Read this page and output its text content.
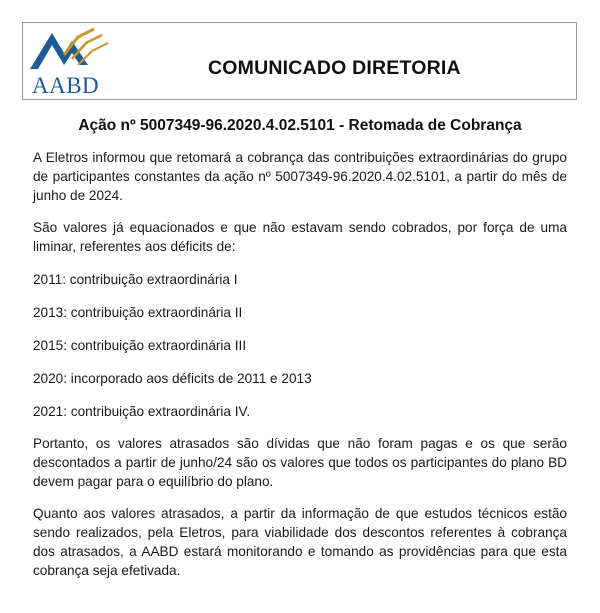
AABD
COMUNICADO DIRETORIA
Ação nº 5007349-96.2020.4.02.5101 - Retomada de Cobrança

A Eletros informou que retomará a cobrança das contribuições extraordinárias do grupo de participantes constantes da ação nº 5007349-96.2020.4.02.5101, a partir do mês de junho de 2024.

São valores já equacionados e que não estavam sendo cobrados, por força de uma liminar, referentes aos déficits de:

2011: contribuição extraordinária I

2013: contribuição extraordinária II

2015: contribuição extraordinária III

2020: incorporado aos déficits de 2011 e 2013

2021: contribuição extraordinária IV.

Portanto, os valores atrasados são dívidas que não foram pagas e os que serão descontados a partir de junho/24 são os valores que todos os participantes do plano BD devem pagar para o equilíbrio do plano.

Quanto aos valores atrasados, a partir da informação de que estudos técnicos estão sendo realizados, pela Eletros, para viabilidade dos descontos referentes à cobrança dos atrasados, a AABD estará monitorando e tomando as providências para que esta cobrança seja efetivada.
